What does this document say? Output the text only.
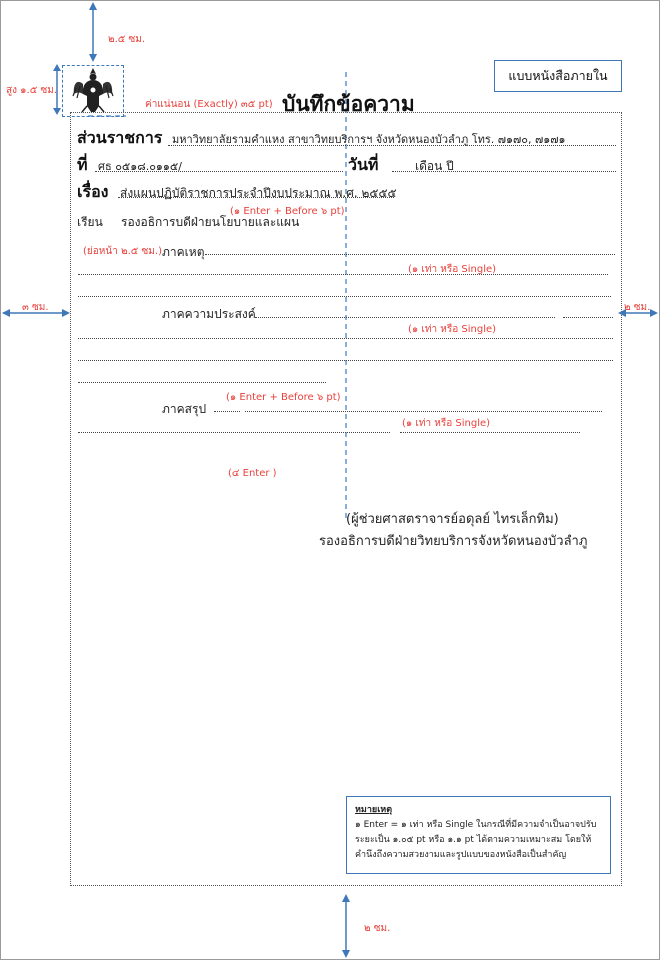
๒.๕ ซม.
สูง ๑.๕ ซม.
ค่าแน่นอน (Exactly) ๓๕ pt)
๓ ซม.	๒ ซม.
๒ ซม.
(๑ Enter + Before ๖ pt)
(ย่อหน้า ๒.๕ ซม.)
(๑ เท่า หรือ Single)
(๑ เท่า หรือ Single)
(๑ Enter + Before ๖ pt)
(๑ เท่า หรือ Single)
(๔ Enter )
แบบหนังสือภายใน
บันทึกข้อความ
ส่วนราชการ มหาวิทยาลัยรามคำแหง สาขาวิทยบริการฯ จังหวัดหนองบัวลำภู โทร. ๗๑๗๐, ๗๑๗๑
ที่ ศธ ๐๕๑๘.๐๑๑๕/	วันที่	เดือน ปี
เรื่อง ส่งแผนปฏิบัติราชการประจำปีงบประมาณ พ.ศ. ๒๕๕๕
เรียน รองอธิการบดีฝ่ายนโยบายและแผน
ภาคเหตุ
ภาคความประสงค์
ภาคสรุป
(ผู้ช่วยศาสตราจารย์อดุลย์ ไทรเล็กทิม)
รองอธิการบดีฝ่ายวิทยบริการจังหวัดหนองบัวลำภู
หมายเหตุ
๑ Enter = ๑ เท่า หรือ Single ในกรณีที่มีความจำเป็นอาจปรับระยะเป็น ๑.๐๕ pt หรือ ๑.๑ pt ได้ตามความเหมาะสม โดยให้คำนึงถึงความสวยงามและรูปแบบของหนังสือเป็นสำคัญ
